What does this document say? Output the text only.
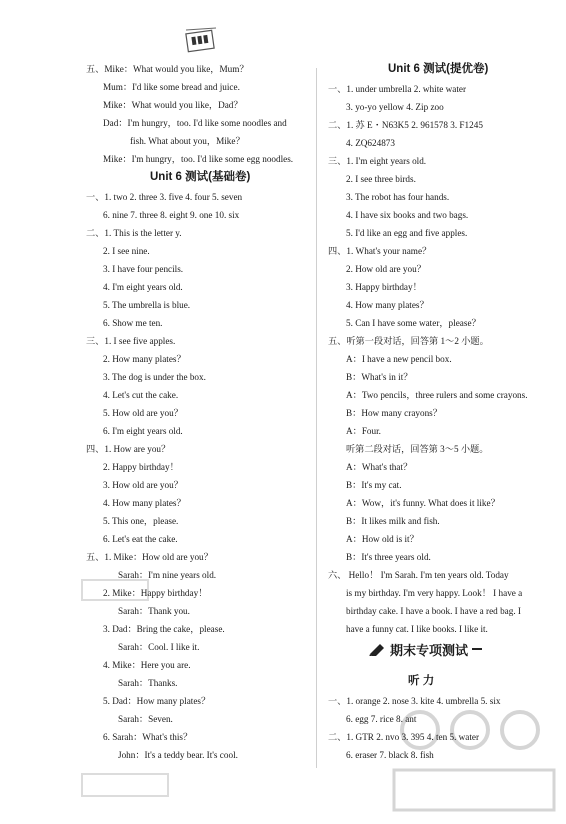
期末专项测试
五、Mike：What would you like，Mum？
Mum：I'd like some bread and juice.
Mike：What would you like，Dad？
Dad：I'm hungry，too. I'd like some noodles and
fish. What about you，Mike？
Mike：I'm hungry，too. I'd like some egg noodles.
Unit 6 测试(基础卷)
一、1. two 2. three 3. five 4. four 5. seven
6. nine 7. three 8. eight 9. one 10. six
二、1. This is the letter y.
2. I see nine.
3. I have four pencils.
4. I'm eight years old.
5. The umbrella is blue.
6. Show me ten.
三、1. I see five apples.
2. How many plates？
3. The dog is under the box.
4. Let's cut the cake.
5. How old are you？
6. I'm eight years old.
四、1. How are you？
2. Happy birthday！
3. How old are you？
4. How many plates？
5. This one，please.
6. Let's eat the cake.
五、1. Mike：How old are you？
Sarah：I'm nine years old.
2. Mike：Happy birthday！
Sarah：Thank you.
3. Dad：Bring the cake，please.
Sarah：Cool. I like it.
4. Mike：Here you are.
Sarah：Thanks.
5. Dad：How many plates？
Sarah：Seven.
6. Sarah：What's this？
John：It's a teddy bear. It's cool.
Unit 6 测试(提优卷)
一、1. under umbrella 2. white water
3. yo-yo yellow 4. Zip zoo
二、1. 苏 E・N63K5 2. 961578 3. F1245
4. ZQ624873
三、1. I'm eight years old.
2. I see three birds.
3. The robot has four hands.
4. I have six books and two bags.
5. I'd like an egg and five apples.
四、1. What's your name？
2. How old are you？
3. Happy birthday！
4. How many plates？
5. Can I have some water，please？
五、听第一段对话，回答第 1～2 小题。
A：I have a new pencil box.
B：What's in it？
A：Two pencils，three rulers and some crayons.
B：How many crayons？
A：Four.
听第二段对话，回答第 3～5 小题。
A：What's that？
B：It's my cat.
A：Wow，it's funny. What does it like？
B：It likes milk and fish.
A：How old is it？
B：It's three years old.
六、 Hello！ I'm Sarah. I'm ten years old. Today
is my birthday. I'm very happy. Look！ I have a
birthday cake. I have a book. I have a red bag. I
have a funny cat. I like books. I like it.
听 力
一、1. orange 2. nose 3. kite 4. umbrella 5. six
6. egg 7. rice 8. ant
二、1. GTR 2. nvo 3. 395 4. ten 5. water
6. eraser 7. black 8. fish
